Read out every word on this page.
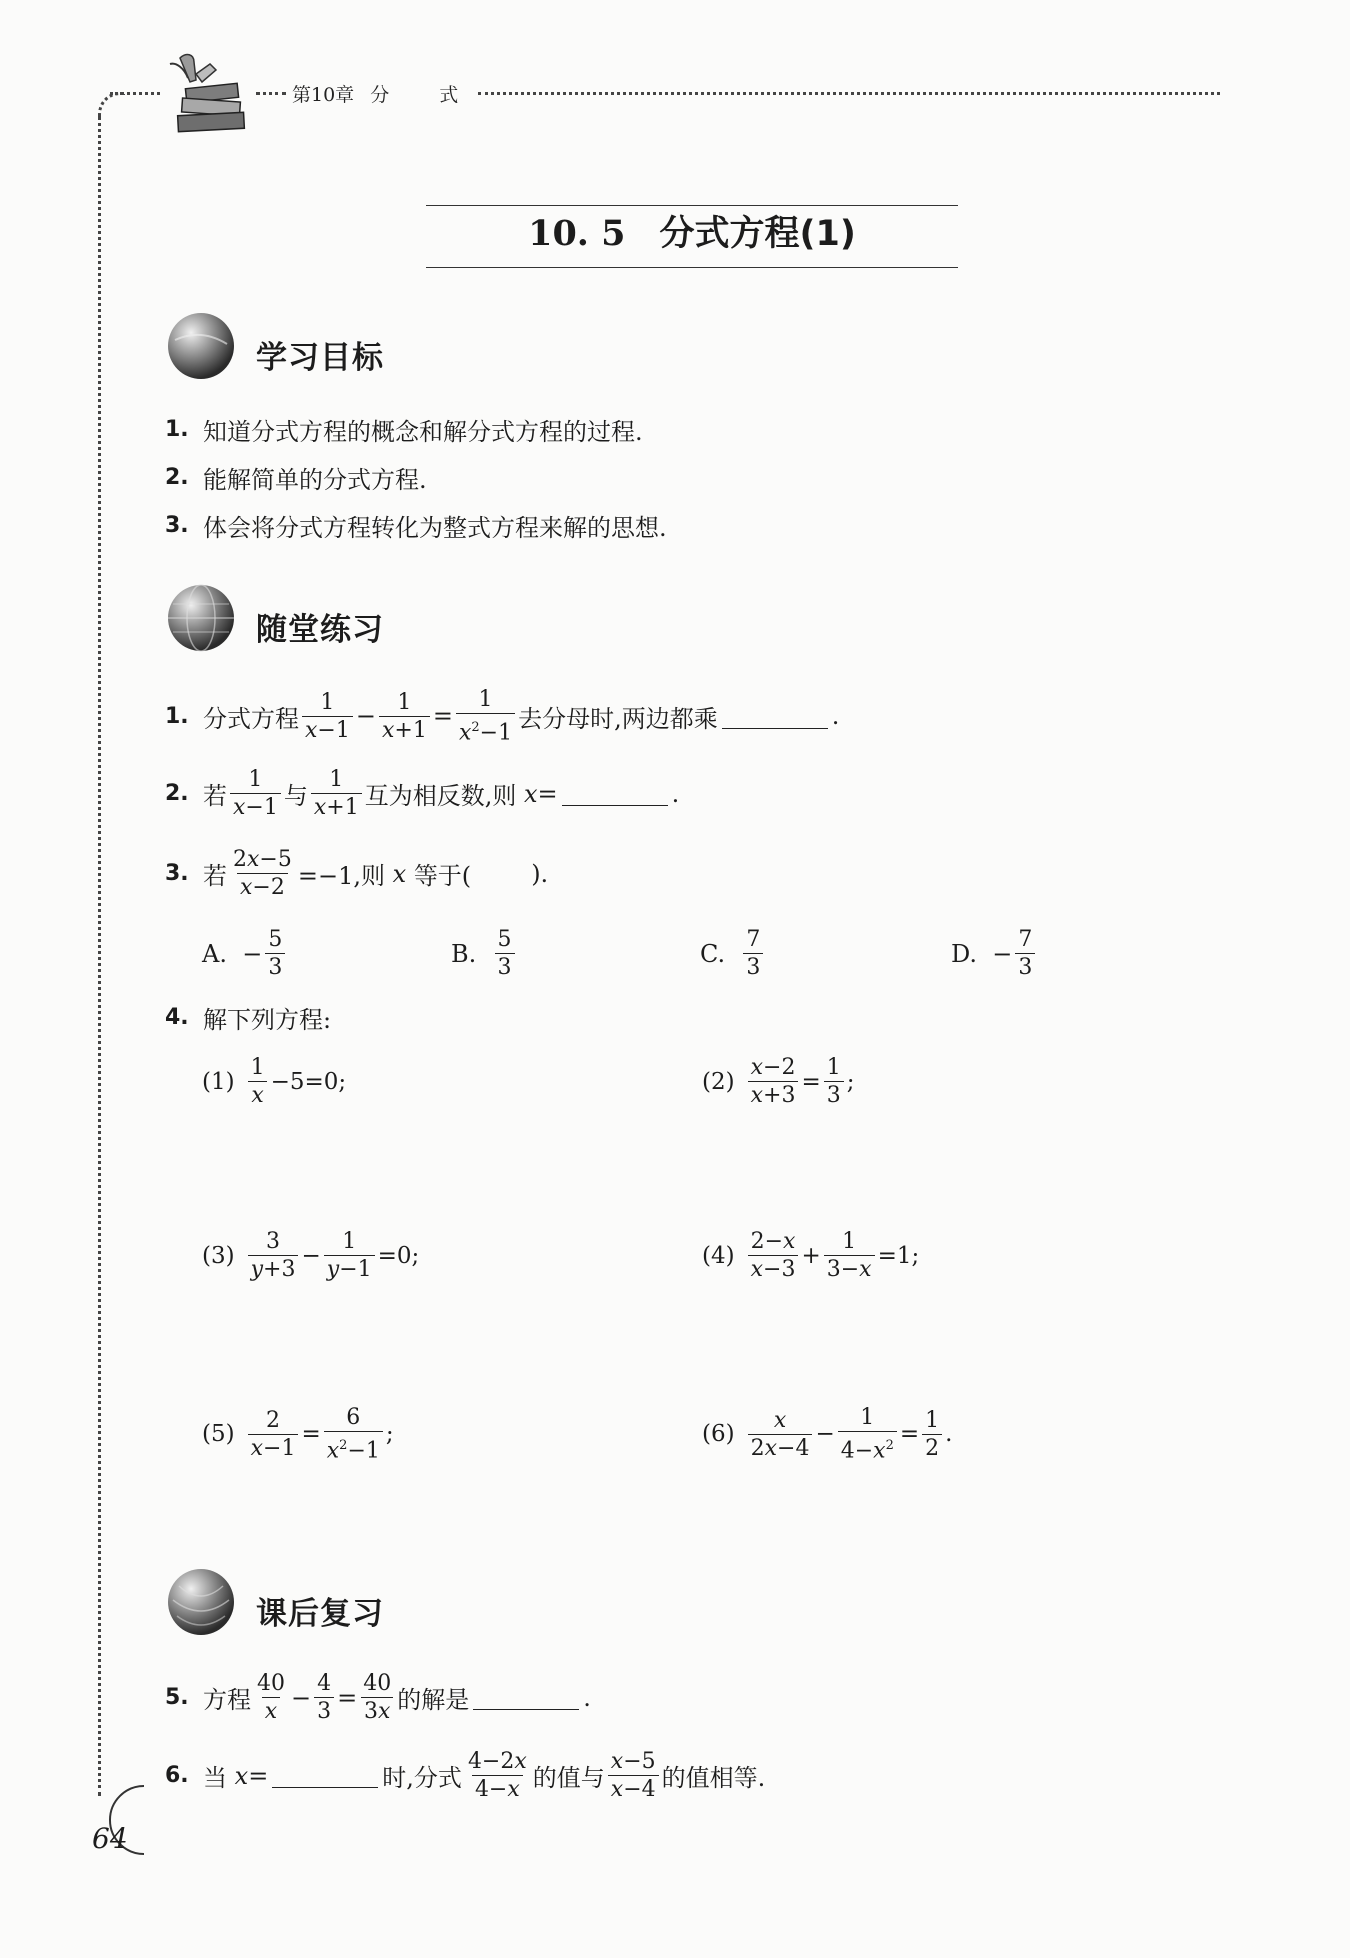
第10章 分 式
10. 5 分式方程(1)
学习目标
1. 知道分式方程的概念和解分式方程的过程.
2. 能解简单的分式方程.
3. 体会将分式方程转化为整式方程来解的思想.
随堂练习
1. 分式方程 $\frac{1}{x-1} - \frac{1}{x+1} = \frac{1}{x^2-1}$ 去分母时,两边都乘	.
2. 若 $\frac{1}{x-1}$ 与 $\frac{1}{x+1}$ 互为相反数,则 x=	.
3. 若 $\frac{2x-5}{x-2} =-1$,则 x 等于(	).
A.
− $\frac{5}{3}$	B.
$\frac{5}{3}$	C.
$\frac{7}{3}$	D.
− $\frac{7}{3}$
4. 解下列方程:
$(1) \frac{1}{x} -5=0$;	$(2) \frac{x-2}{x+3} = \frac{1}{3}$ ;
$(3) \frac{3}{y+3} - \frac{1}{y-1} =0$;	$(4) \frac{2-x}{x-3} + \frac{1}{3-x} =1$;
$(5) \frac{2}{x-1} = \frac{6}{x^2-1}$ ;	$(6) \frac{x}{2x-4} - \frac{1}{4-x^2} = \frac{1}{2}$ .
课后复习
5. 方程 $\frac{40}{x} - \frac{4}{3} = \frac{40}{3x}$ 的解是	.
6. 当 x=	时,分式 $\frac{4-2x}{4-x}$ 的值与 $\frac{x-5}{x-4}$ 的值相等.
64
